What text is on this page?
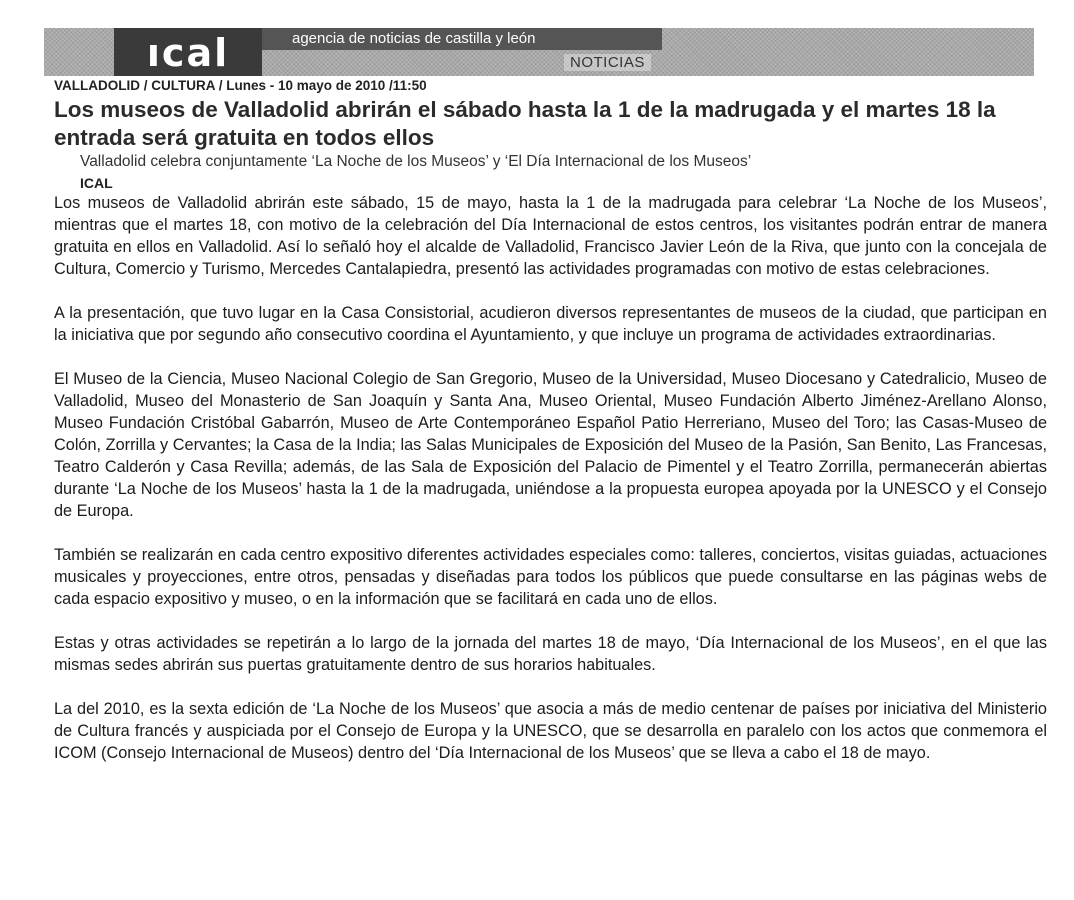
ıcal	agencia de noticias de castilla y león
NOTICIAS
VALLADOLID / CULTURA / Lunes - 10 mayo de 2010 /11:50
Los museos de Valladolid abrirán el sábado hasta la 1 de la madrugada y el martes 18 la entrada será gratuita en todos ellos
Valladolid celebra conjuntamente ‘La Noche de los Museos’ y ‘El Día Internacional de los Museos’
ICAL

Los museos de Valladolid abrirán este sábado, 15 de mayo, hasta la 1 de la madrugada para celebrar ‘La Noche de los Museos’, mientras que el martes 18, con motivo de la celebración del Día Internacional de estos centros, los visitantes podrán entrar de manera gratuita en ellos en Valladolid. Así lo señaló hoy el alcalde de Valladolid, Francisco Javier León de la Riva, que junto con la concejala de Cultura, Comercio y Turismo, Mercedes Cantalapiedra, presentó las actividades programadas con motivo de estas celebraciones.

A la presentación, que tuvo lugar en la Casa Consistorial, acudieron diversos representantes de museos de la ciudad, que participan en la iniciativa que por segundo año consecutivo coordina el Ayuntamiento, y que incluye un programa de actividades extraordinarias.

El Museo de la Ciencia, Museo Nacional Colegio de San Gregorio, Museo de la Universidad, Museo Diocesano y Catedralicio, Museo de Valladolid, Museo del Monasterio de San Joaquín y Santa Ana, Museo Oriental, Museo Fundación Alberto Jiménez-Arellano Alonso, Museo Fundación Cristóbal Gabarrón, Museo de Arte Contemporáneo Español Patio Herreriano, Museo del Toro; las Casas-Museo de Colón, Zorrilla y Cervantes; la Casa de la India; las Salas Municipales de Exposición del Museo de la Pasión, San Benito, Las Francesas, Teatro Calderón y Casa Revilla; además, de las Sala de Exposición del Palacio de Pimentel y el Teatro Zorrilla, permanecerán abiertas durante ‘La Noche de los Museos’ hasta la 1 de la madrugada, uniéndose a la propuesta europea apoyada por la UNESCO y el Consejo de Europa.

También se realizarán en cada centro expositivo diferentes actividades especiales como: talleres, conciertos, visitas guiadas, actuaciones musicales y proyecciones, entre otros, pensadas y diseñadas para todos los públicos que puede consultarse en las páginas webs de cada espacio expositivo y museo, o en la información que se facilitará en cada uno de ellos.

Estas y otras actividades se repetirán a lo largo de la jornada del martes 18 de mayo, ‘Día Internacional de los Museos’, en el que las mismas sedes abrirán sus puertas gratuitamente dentro de sus horarios habituales.

La del 2010, es la sexta edición de ‘La Noche de los Museos’ que asocia a más de medio centenar de países por iniciativa del Ministerio de Cultura francés y auspiciada por el Consejo de Europa y la UNESCO, que se desarrolla en paralelo con los actos que conmemora el ICOM (Consejo Internacional de Museos) dentro del ‘Día Internacional de los Museos’ que se lleva a cabo el 18 de mayo.
